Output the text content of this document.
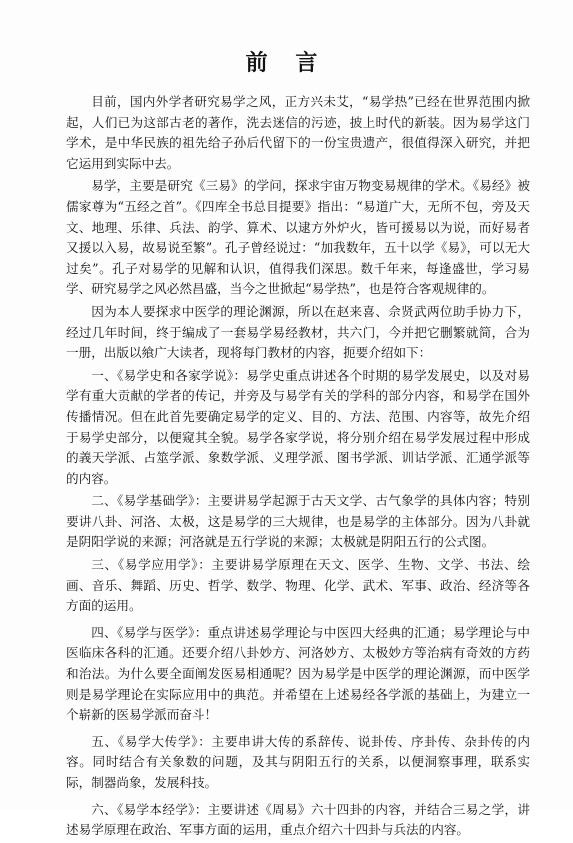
前 言

目前，国内外学者研究易学之风，正方兴未艾，“易学热”已经在世界范围内掀起，人们已为这部古老的著作，洗去迷信的污迹，披上时代的新装。因为易学这门学术，是中华民族的祖先给子孙后代留下的一份宝贵遗产，很值得深入研究，并把它运用到实际中去。

易学，主要是研究《三易》的学问，探求宇宙万物变易规律的学术。《易经》被儒家尊为“五经之首”。《四库全书总目提要》指出：“易道广大，无所不包，旁及天文、地理、乐律、兵法、韵学、算术、以逮方外炉火，皆可援易以为说，而好易者又援以入易，故易说至繁”。孔子曾经说过：“加我数年，五十以学《易》，可以无大过矣”。孔子对易学的见解和认识，值得我们深思。数千年来，每逢盛世，学习易学、研究易学之风必然昌盛，当今之世掀起“易学热”，也是符合客观规律的。

因为本人要探求中医学的理论渊源，所以在赵来喜、佘贤武两位助手协力下，经过几年时间，终于编成了一套易学易经教材，共六门，今并把它删繁就简，合为一册，出版以飨广大读者，现将每门教材的内容，扼要介绍如下：

一、《易学史和各家学说》：易学史重点讲述各个时期的易学发展史，以及对易学有重大贡献的学者的传记，并旁及与易学有关的学科的部分内容，和易学在国外传播情况。但在此首先要确定易学的定义、目的、方法、范围、内容等，故先介绍于易学史部分，以便窥其全貌。易学各家学说，将分别介绍在易学发展过程中形成的義天学派、占筮学派、象数学派、义理学派、图书学派、训诂学派、汇通学派等的内容。

二、《易学基础学》：主要讲易学起源于古天文学、古气象学的具体内容；特别要讲八卦、河洛、太极，这是易学的三大规律，也是易学的主体部分。因为八卦就是阴阳学说的来源；河洛就是五行学说的来源；太极就是阴阳五行的公式图。

三、《易学应用学》：主要讲易学原理在天文、医学、生物、文学、书法、绘画、音乐、舞蹈、历史、哲学、数学、物理、化学、武术、军事、政治、经济等各方面的运用。

四、《易学与医学》：重点讲述易学理论与中医四大经典的汇通；易学理论与中医临床各科的汇通。还要介绍八卦妙方、河洛妙方、太极妙方等治病有奇效的方药和治法。为什么要全面阐发医易相通呢？因为易学是中医学的理论渊源，而中医学则是易学理论在实际应用中的典范。并希望在上述易经各学派的基础上，为建立一个崭新的医易学派而奋斗！

五、《易学大传学》：主要串讲大传的系辞传、说卦传、序卦传、杂卦传的内容。同时结合有关象数的问题，及其与阴阳五行的关系，以便洞察事理，联系实际，制器尚象，发展科技。

六、《易学本经学》：主要讲述《周易》六十四卦的内容，并结合三易之学，讲述易学原理在政治、军事方面的运用，重点介绍六十四卦与兵法的内容。
